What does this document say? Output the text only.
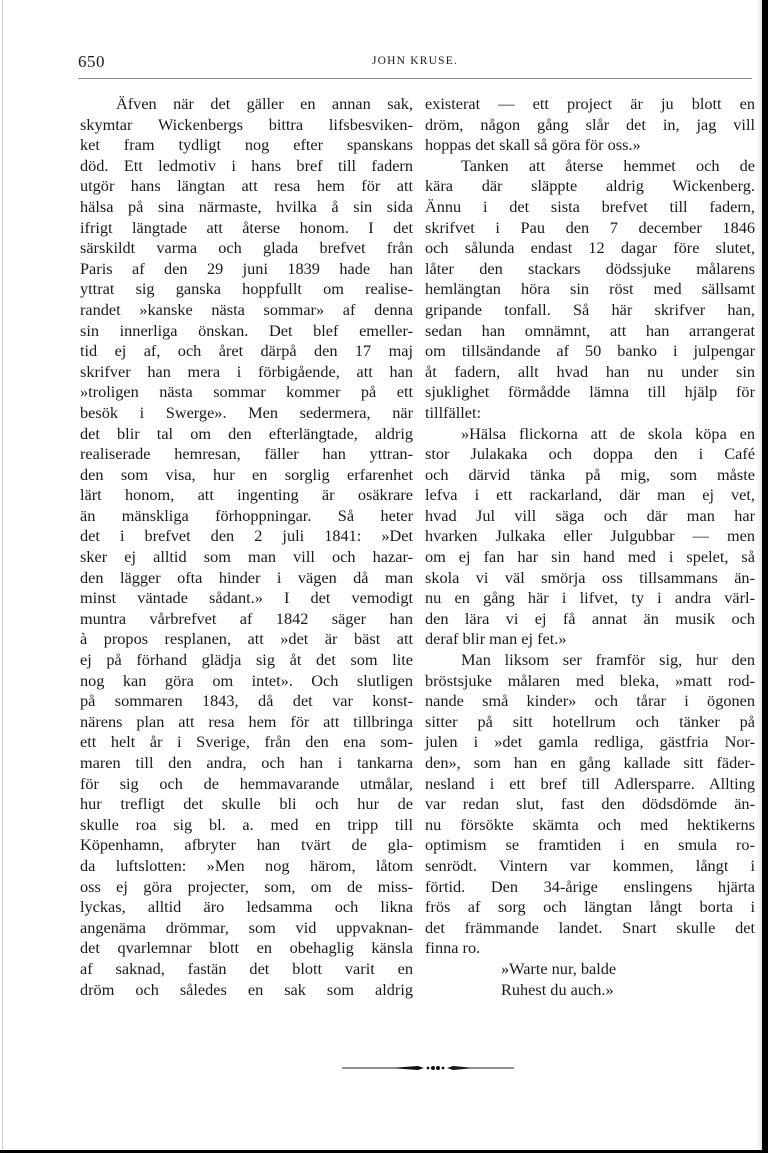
650	JOHN KRUSE.
Äfven när det gäller en annan sak,
skymtar Wickenbergs bittra lifsbesviken-
ket fram tydligt nog efter spanskans
död. Ett ledmotiv i hans bref till fadern
utgör hans längtan att resa hem för att
hälsa på sina närmaste, hvilka å sin sida
ifrigt längtade att återse honom. I det
särskildt varma och glada brefvet från
Paris af den 29 juni 1839 hade han
yttrat sig ganska hoppfullt om realise-
randet »kanske nästa sommar» af denna
sin innerliga önskan. Det blef emeller-
tid ej af, och året därpå den 17 maj
skrifver han mera i förbigående, att han
»troligen nästa sommar kommer på ett
besök i Swerge». Men sedermera, när
det blir tal om den efterlängtade, aldrig
realiserade hemresan, fäller han yttran-
den som visa, hur en sorglig erfarenhet
lärt honom, att ingenting är osäkrare
än mänskliga förhoppningar. Så heter
det i brefvet den 2 juli 1841: »Det
sker ej alltid som man vill och hazar-
den lägger ofta hinder i vägen då man
minst väntade sådant.» I det vemodigt
muntra vårbrefvet af 1842 säger han
à propos resplanen, att »det är bäst att
ej på förhand glädja sig åt det som lite
nog kan göra om intet». Och slutligen
på sommaren 1843, då det var konst-
närens plan att resa hem för att tillbringa
ett helt år i Sverige, från den ena som-
maren till den andra, och han i tankarna
för sig och de hemmavarande utmålar,
hur trefligt det skulle bli och hur de
skulle roa sig bl. a. med en tripp till
Köpenhamn, afbryter han tvärt de gla-
da luftslotten: »Men nog härom, låtom
oss ej göra projecter, som, om de miss-
lyckas, alltid äro ledsamma och likna
angenäma drömmar, som vid uppvaknan-
det qvarlemnar blott en obehaglig känsla
af saknad, fastän det blott varit en
dröm och således en sak som aldrig
existerat — ett project är ju blott en
dröm, någon gång slår det in, jag vill
hoppas det skall så göra för oss.»
Tanken att återse hemmet och de
kära där släppte aldrig Wickenberg.
Ännu i det sista brefvet till fadern,
skrifvet i Pau den 7 december 1846
och sålunda endast 12 dagar före slutet,
låter den stackars dödssjuke målarens
hemlängtan höra sin röst med sällsamt
gripande tonfall. Så här skrifver han,
sedan han omnämnt, att han arrangerat
om tillsändande af 50 banko i julpengar
åt fadern, allt hvad han nu under sin
sjuklighet förmådde lämna till hjälp för
tillfället:
»Hälsa flickorna att de skola köpa en
stor Julakaka och doppa den i Café
och därvid tänka på mig, som måste
lefva i ett rackarland, där man ej vet,
hvad Jul vill säga och där man har
hvarken Julkaka eller Julgubbar — men
om ej fan har sin hand med i spelet, så
skola vi väl smörja oss tillsammans än-
nu en gång här i lifvet, ty i andra värl-
den lära vi ej få annat än musik och
deraf blir man ej fet.»
Man liksom ser framför sig, hur den
bröstsjuke målaren med bleka, »matt rod-
nande små kinder» och tårar i ögonen
sitter på sitt hotellrum och tänker på
julen i »det gamla redliga, gästfria Nor-
den», som han en gång kallade sitt fäder-
nesland i ett bref till Adlersparre. Allting
var redan slut, fast den dödsdömde än-
nu försökte skämta och med hektikerns
optimism se framtiden i en smula ro-
senrödt. Vintern var kommen, långt i
förtid. Den 34-årige enslingens hjärta
frös af sorg och längtan långt borta i
det främmande landet. Snart skulle det
finna ro.
»Warte nur, balde
Ruhest du auch.»
